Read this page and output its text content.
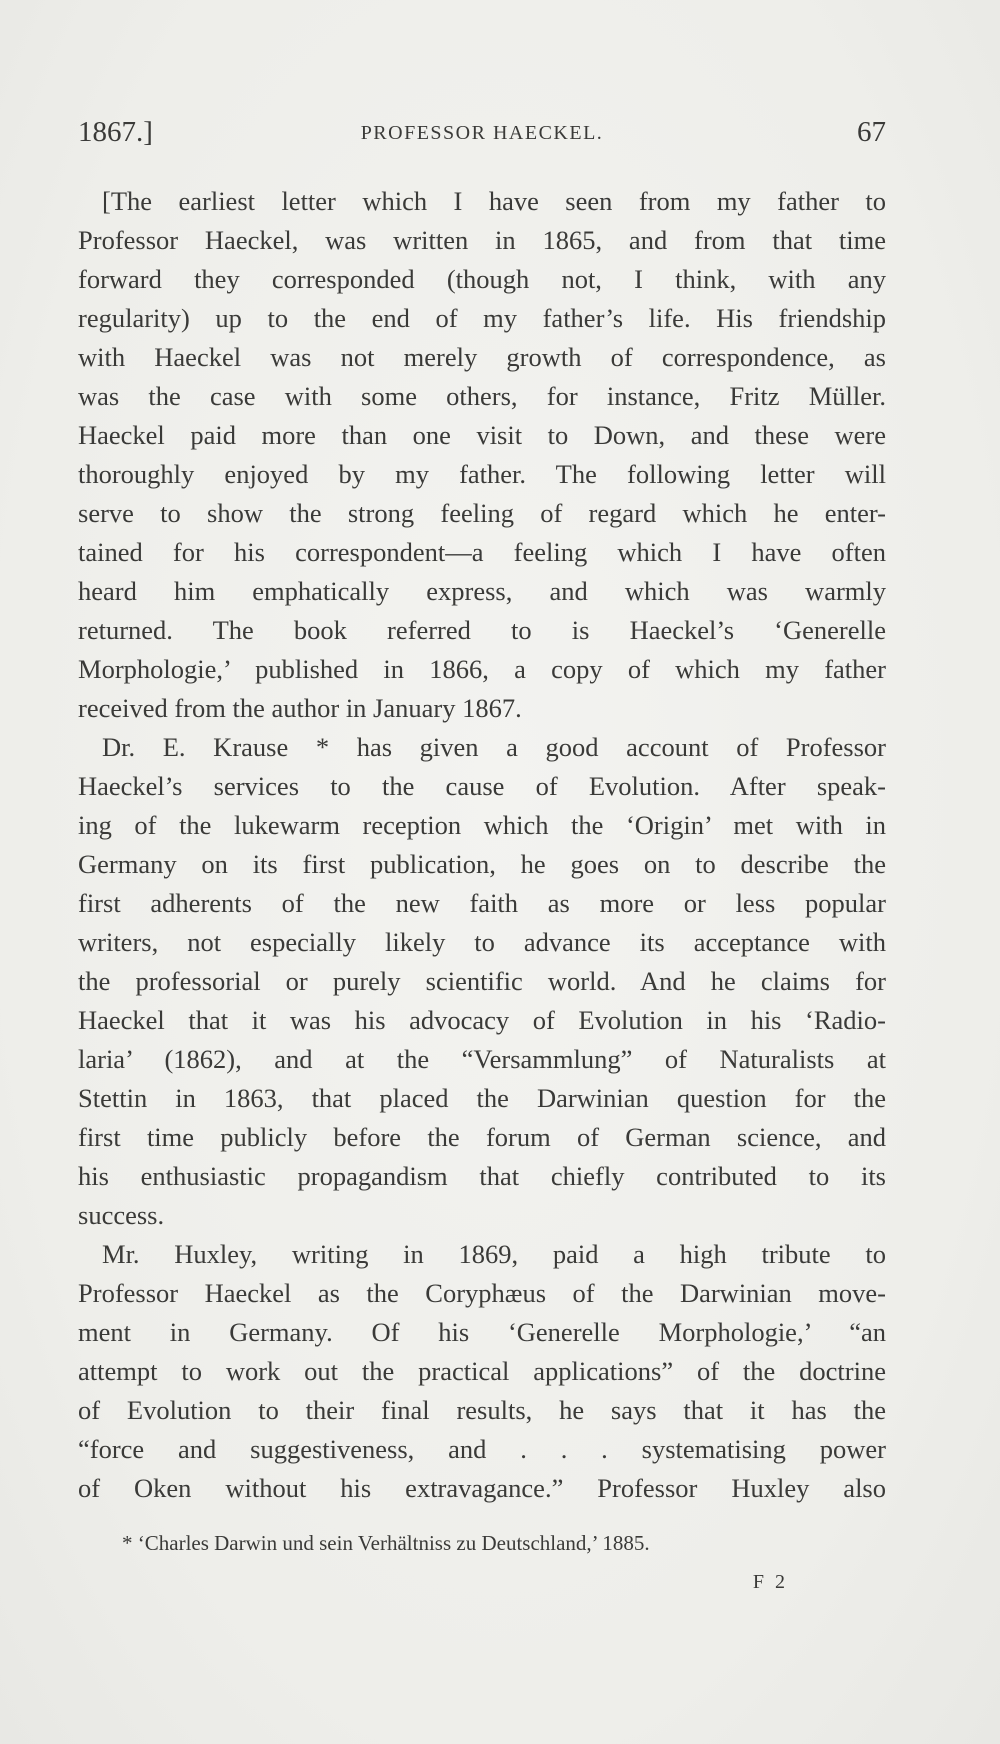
1867.]	PROFESSOR HAECKEL.	67
[The earliest letter which I have seen from my father to
Professor Haeckel, was written in 1865, and from that time
forward they corresponded (though not, I think, with any
regularity) up to the end of my father’s life. His friendship
with Haeckel was not merely growth of correspondence, as
was the case with some others, for instance, Fritz Müller.
Haeckel paid more than one visit to Down, and these were
thoroughly enjoyed by my father. The following letter will
serve to show the strong feeling of regard which he enter-
tained for his correspondent—a feeling which I have often
heard him emphatically express, and which was warmly
returned. The book referred to is Haeckel’s ‘Generelle
Morphologie,’ published in 1866, a copy of which my father
received from the author in January 1867.
Dr. E. Krause * has given a good account of Professor
Haeckel’s services to the cause of Evolution. After speak-
ing of the lukewarm reception which the ‘Origin’ met with in
Germany on its first publication, he goes on to describe the
first adherents of the new faith as more or less popular
writers, not especially likely to advance its acceptance with
the professorial or purely scientific world. And he claims for
Haeckel that it was his advocacy of Evolution in his ‘Radio-
laria’ (1862), and at the “Versammlung” of Naturalists at
Stettin in 1863, that placed the Darwinian question for the
first time publicly before the forum of German science, and
his enthusiastic propagandism that chiefly contributed to its
success.
Mr. Huxley, writing in 1869, paid a high tribute to
Professor Haeckel as the Coryphæus of the Darwinian move-
ment in Germany. Of his ‘Generelle Morphologie,’ “an
attempt to work out the practical applications” of the doctrine
of Evolution to their final results, he says that it has the
“force and suggestiveness, and . . . systematising power
of Oken without his extravagance.” Professor Huxley also
* ‘Charles Darwin und sein Verhältniss zu Deutschland,’ 1885.
F 2
